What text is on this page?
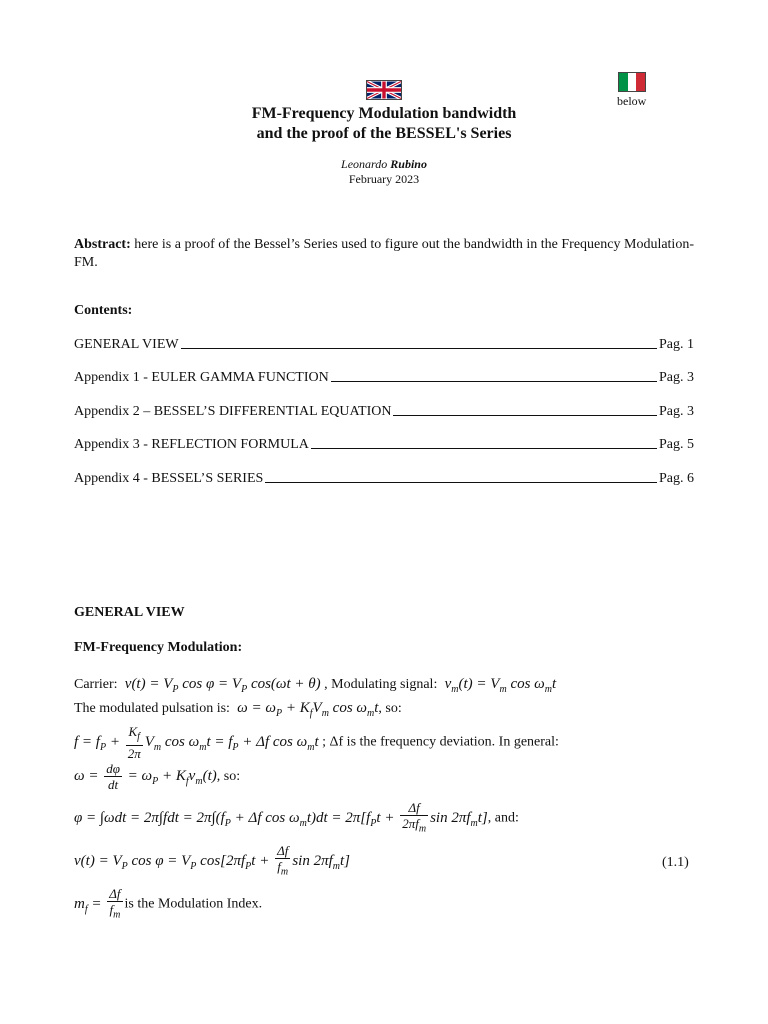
below
FM-Frequency Modulation bandwidth
and the proof of the BESSEL's Series
Leonardo Rubino
February 2023
Abstract: here is a proof of the Bessel’s Series used to figure out the bandwidth in the Frequency Modulation-FM.
Contents:
GENERAL VIEW	Pag. 1
Appendix 1 - EULER GAMMA FUNCTION	Pag. 3
Appendix 2 – BESSEL’S DIFFERENTIAL EQUATION	Pag. 3
Appendix 3 - REFLECTION FORMULA	Pag. 5
Appendix 4 - BESSEL’S SERIES	Pag. 6
GENERAL VIEW
FM-Frequency Modulation:
Carrier:  $v(t) = V_P$ $\cos \varphi = V_P$ cos(ωt + θ) , Modulating signal:  $v_m(t) = V_m$ $\cos \omega_mt$
The modulated pulsation is:  $\omega = \omega_P + K_fV_m$ $\cos \omega_mt$, so:
$f = f_P + \frac{K_f}{2\pi} V_m$ $\cos \omega_mt = f_P + \Delta f$ $\cos \omega_mt$ ; Δf is the frequency deviation. In general:
$\omega = \frac{d\varphi}{dt} = \omega_P + K_fv_m(t)$, so:
$\varphi = \int\omega dt = 2\pi\int fdt = 2\pi\int(f_P + \Delta f$ $\cos \omega_mt)dt = 2\pi[f_Pt + \frac{\Delta f}{2\pi f_m}$ $\sin 2\pi f_mt$], and:
$v(t) = V_P$ $\cos \varphi = V_P$ $\cos[2\pi f_Pt + \frac{\Delta f}{f_m}$ $\sin 2\pi f_mt$]	(1.1)
$m_f = \frac{\Delta f}{f_m}$ is the Modulation Index.
